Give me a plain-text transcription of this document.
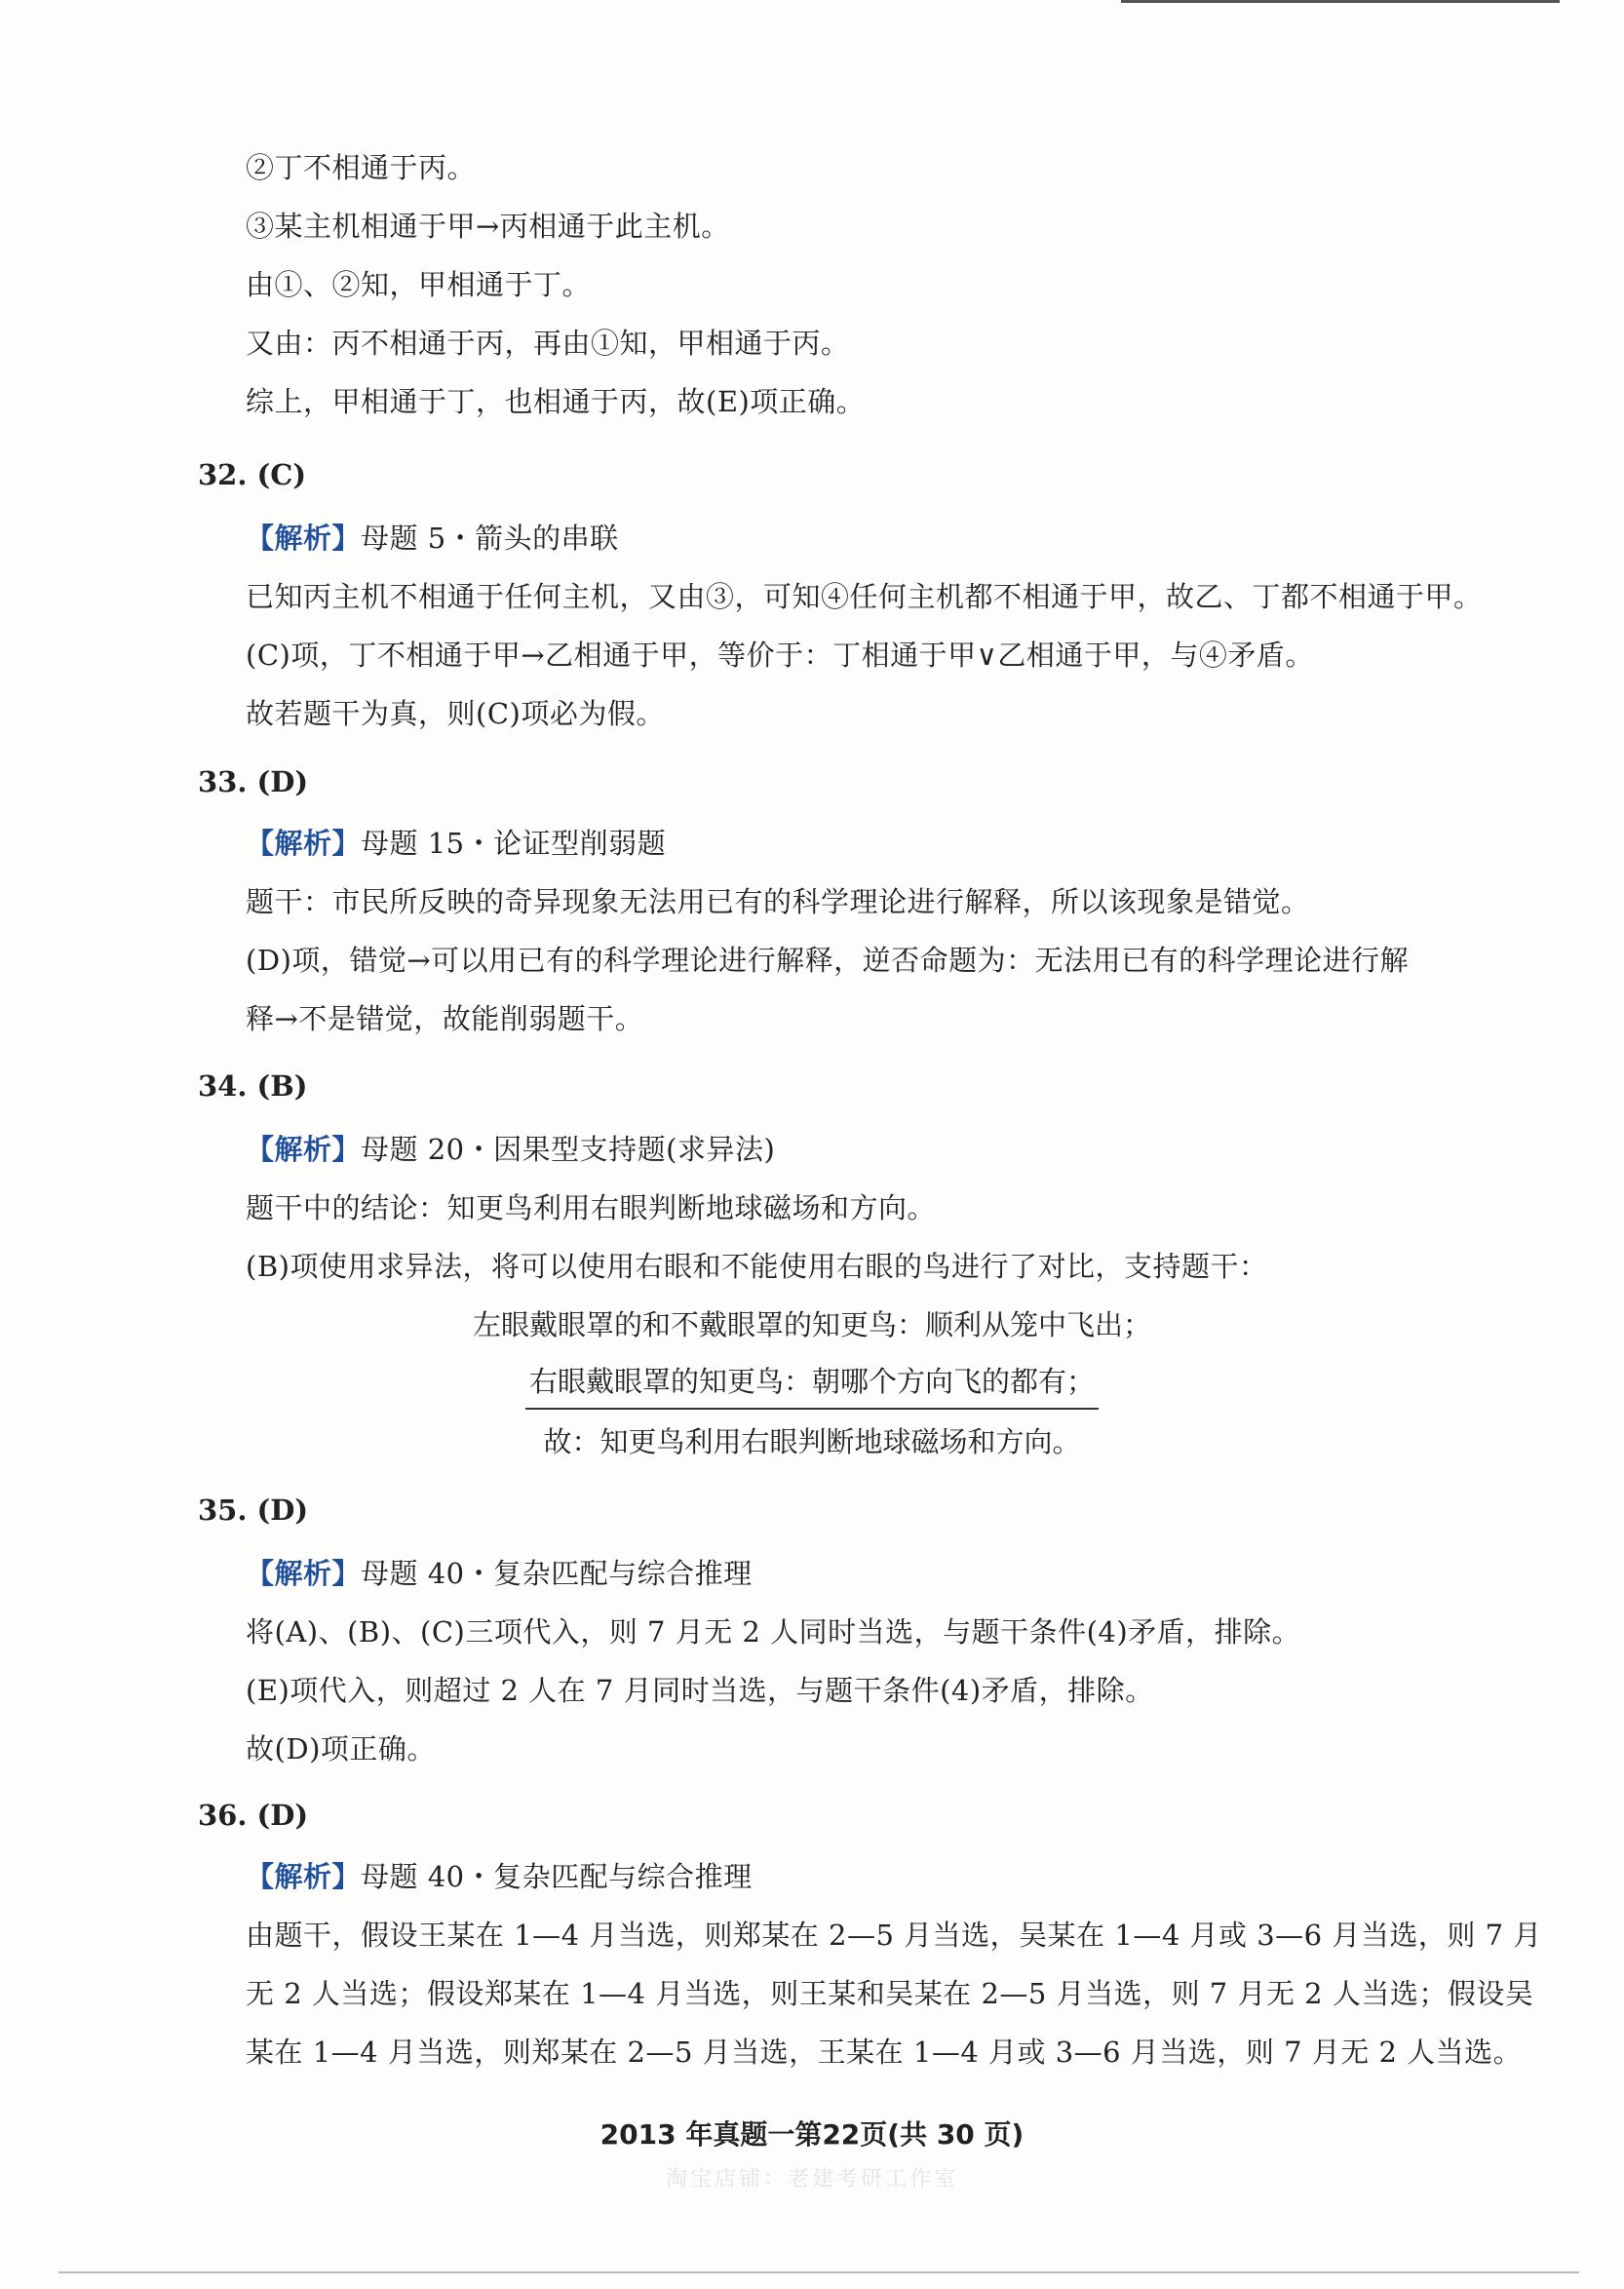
②丁不相通于丙。
③某主机相通于甲→丙相通于此主机。
由①、②知，甲相通于丁。
又由：丙不相通于丙，再由①知，甲相通于丙。
综上，甲相通于丁，也相通于丙，故(E)项正确。
32. (C)
【解析】母题 5・箭头的串联
已知丙主机不相通于任何主机，又由③，可知④任何主机都不相通于甲，故乙、丁都不相通于甲。
(C)项，丁不相通于甲→乙相通于甲，等价于：丁相通于甲∨乙相通于甲，与④矛盾。
故若题干为真，则(C)项必为假。
33. (D)
【解析】母题 15・论证型削弱题
题干：市民所反映的奇异现象无法用已有的科学理论进行解释，所以该现象是错觉。
(D)项，错觉→可以用已有的科学理论进行解释，逆否命题为：无法用已有的科学理论进行解
释→不是错觉，故能削弱题干。
34. (B)
【解析】母题 20・因果型支持题(求异法)
题干中的结论：知更鸟利用右眼判断地球磁场和方向。
(B)项使用求异法，将可以使用右眼和不能使用右眼的鸟进行了对比，支持题干：
左眼戴眼罩的和不戴眼罩的知更鸟：顺利从笼中飞出；
右眼戴眼罩的知更鸟：朝哪个方向飞的都有；
故：知更鸟利用右眼判断地球磁场和方向。
35. (D)
【解析】母题 40・复杂匹配与综合推理
将(A)、(B)、(C)三项代入，则 7 月无 2 人同时当选，与题干条件(4)矛盾，排除。
(E)项代入，则超过 2 人在 7 月同时当选，与题干条件(4)矛盾，排除。
故(D)项正确。
36. (D)
【解析】母题 40・复杂匹配与综合推理
由题干，假设王某在 1—4 月当选，则郑某在 2—5 月当选，吴某在 1—4 月或 3—6 月当选，则 7 月
无 2 人当选；假设郑某在 1—4 月当选，则王某和吴某在 2—5 月当选，则 7 月无 2 人当选；假设吴
某在 1—4 月当选，则郑某在 2—5 月当选，王某在 1—4 月或 3—6 月当选，则 7 月无 2 人当选。
2013 年真题一第22页(共 30 页)
淘宝店铺：老建考研工作室
